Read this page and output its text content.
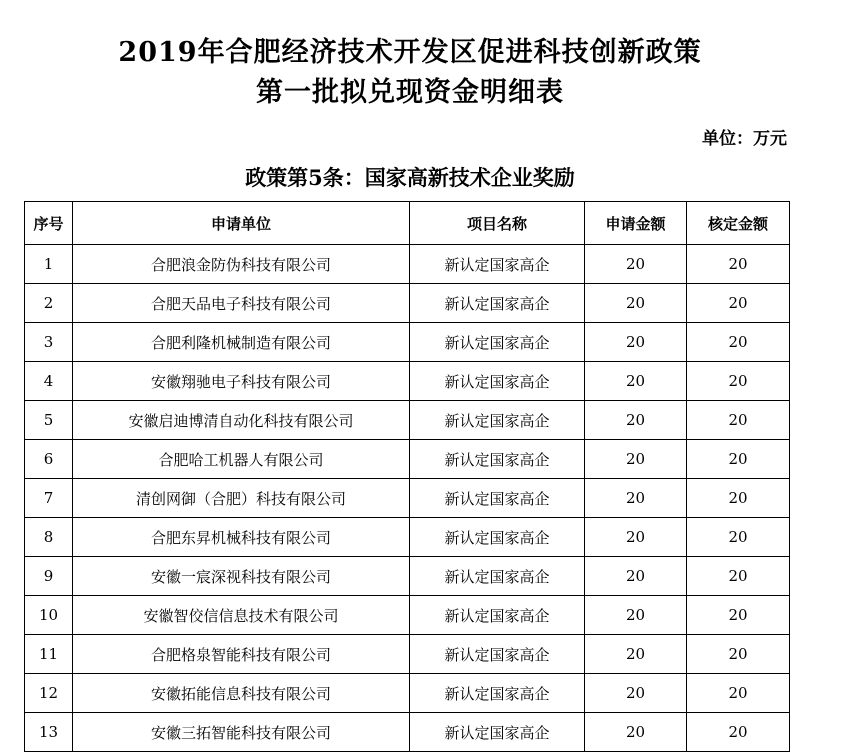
2019年合肥经济技术开发区促进科技创新政策
第一批拟兑现资金明细表
单位：万元
政策第5条：国家高新技术企业奖励
序号	申请单位	项目名称	申请金额	核定金额
1	合肥浪金防伪科技有限公司	新认定国家高企	20	20
2	合肥天品电子科技有限公司	新认定国家高企	20	20
3	合肥利隆机械制造有限公司	新认定国家高企	20	20
4	安徽翔驰电子科技有限公司	新认定国家高企	20	20
5	安徽启迪博清自动化科技有限公司	新认定国家高企	20	20
6	合肥哈工机器人有限公司	新认定国家高企	20	20
7	清创网御（合肥）科技有限公司	新认定国家高企	20	20
8	合肥东昇机械科技有限公司	新认定国家高企	20	20
9	安徽一宸深视科技有限公司	新认定国家高企	20	20
10	安徽智佼信信息技术有限公司	新认定国家高企	20	20
11	合肥格泉智能科技有限公司	新认定国家高企	20	20
12	安徽拓能信息科技有限公司	新认定国家高企	20	20
13	安徽三拓智能科技有限公司	新认定国家高企	20	20
